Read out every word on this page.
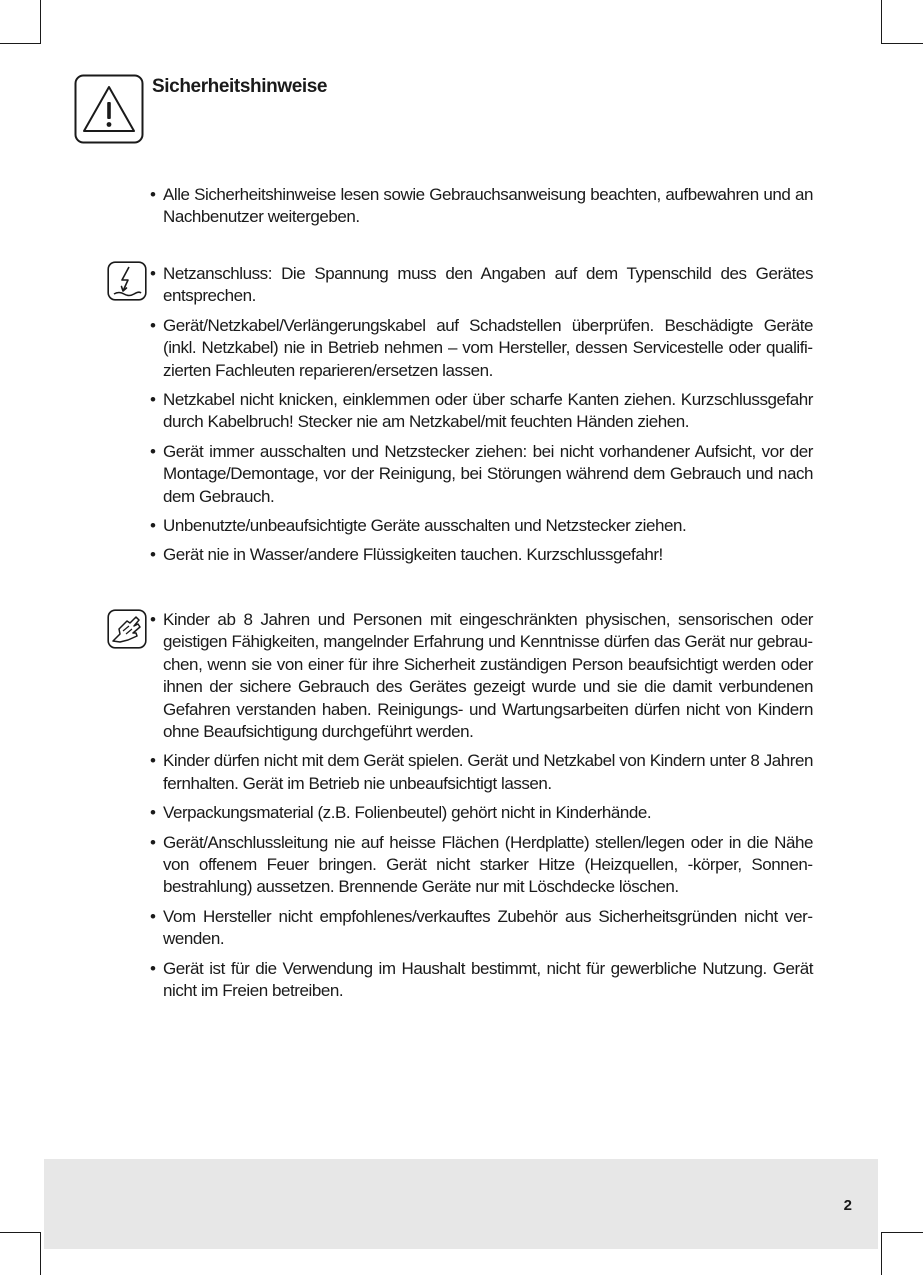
Sicherheitshinweise
• Alle Sicherheitshinweise lesen sowie Gebrauchsanweisung beachten, aufbewahren und an Nachbenutzer weitergeben.
• Netzanschluss: Die Spannung muss den Angaben auf dem Typenschild des Gerätes entsprechen.
• Gerät/Netzkabel/Verlängerungskabel auf Schadstellen überprüfen. Beschädigte Geräte (inkl. Netzkabel) nie in Betrieb nehmen – vom Hersteller, dessen Servicestelle oder qualifizierten Fachleuten reparieren/ersetzen lassen.
• Netzkabel nicht knicken, einklemmen oder über scharfe Kanten ziehen. Kurzschlussgefahr durch Kabelbruch! Stecker nie am Netzkabel/mit feuchten Händen ziehen.
• Gerät immer ausschalten und Netzstecker ziehen: bei nicht vorhandener Aufsicht, vor der Montage/Demontage, vor der Reinigung, bei Störungen während dem Gebrauch und nach dem Gebrauch.
• Unbenutzte/unbeaufsichtigte Geräte ausschalten und Netzstecker ziehen.
• Gerät nie in Wasser/andere Flüssigkeiten tauchen. Kurzschlussgefahr!
• Kinder ab 8 Jahren und Personen mit eingeschränkten physischen, sensorischen oder geistigen Fähigkeiten, mangelnder Erfahrung und Kenntnisse dürfen das Gerät nur gebrauchen, wenn sie von einer für ihre Sicherheit zuständigen Person beaufsichtigt werden oder ihnen der sichere Gebrauch des Gerätes gezeigt wurde und sie die damit verbundenen Gefahren verstanden haben. Reinigungs- und Wartungsarbeiten dürfen nicht von Kindern ohne Beaufsichtigung durchgeführt werden.
• Kinder dürfen nicht mit dem Gerät spielen. Gerät und Netzkabel von Kindern unter 8 Jahren fernhalten. Gerät im Betrieb nie unbeaufsichtigt lassen.
• Verpackungsmaterial (z.B. Folienbeutel) gehört nicht in Kinderhände.
• Gerät/Anschlussleitung nie auf heisse Flächen (Herdplatte) stellen/legen oder in die Nähe von offenem Feuer bringen. Gerät nicht starker Hitze (Heizquellen, -körper, Sonnenbestrahlung) aussetzen. Brennende Geräte nur mit Löschdecke löschen.
• Vom Hersteller nicht empfohlenes/verkauftes Zubehör aus Sicherheitsgründen nicht verwenden.
• Gerät ist für die Verwendung im Haushalt bestimmt, nicht für gewerbliche Nutzung. Gerät nicht im Freien betreiben.
2
